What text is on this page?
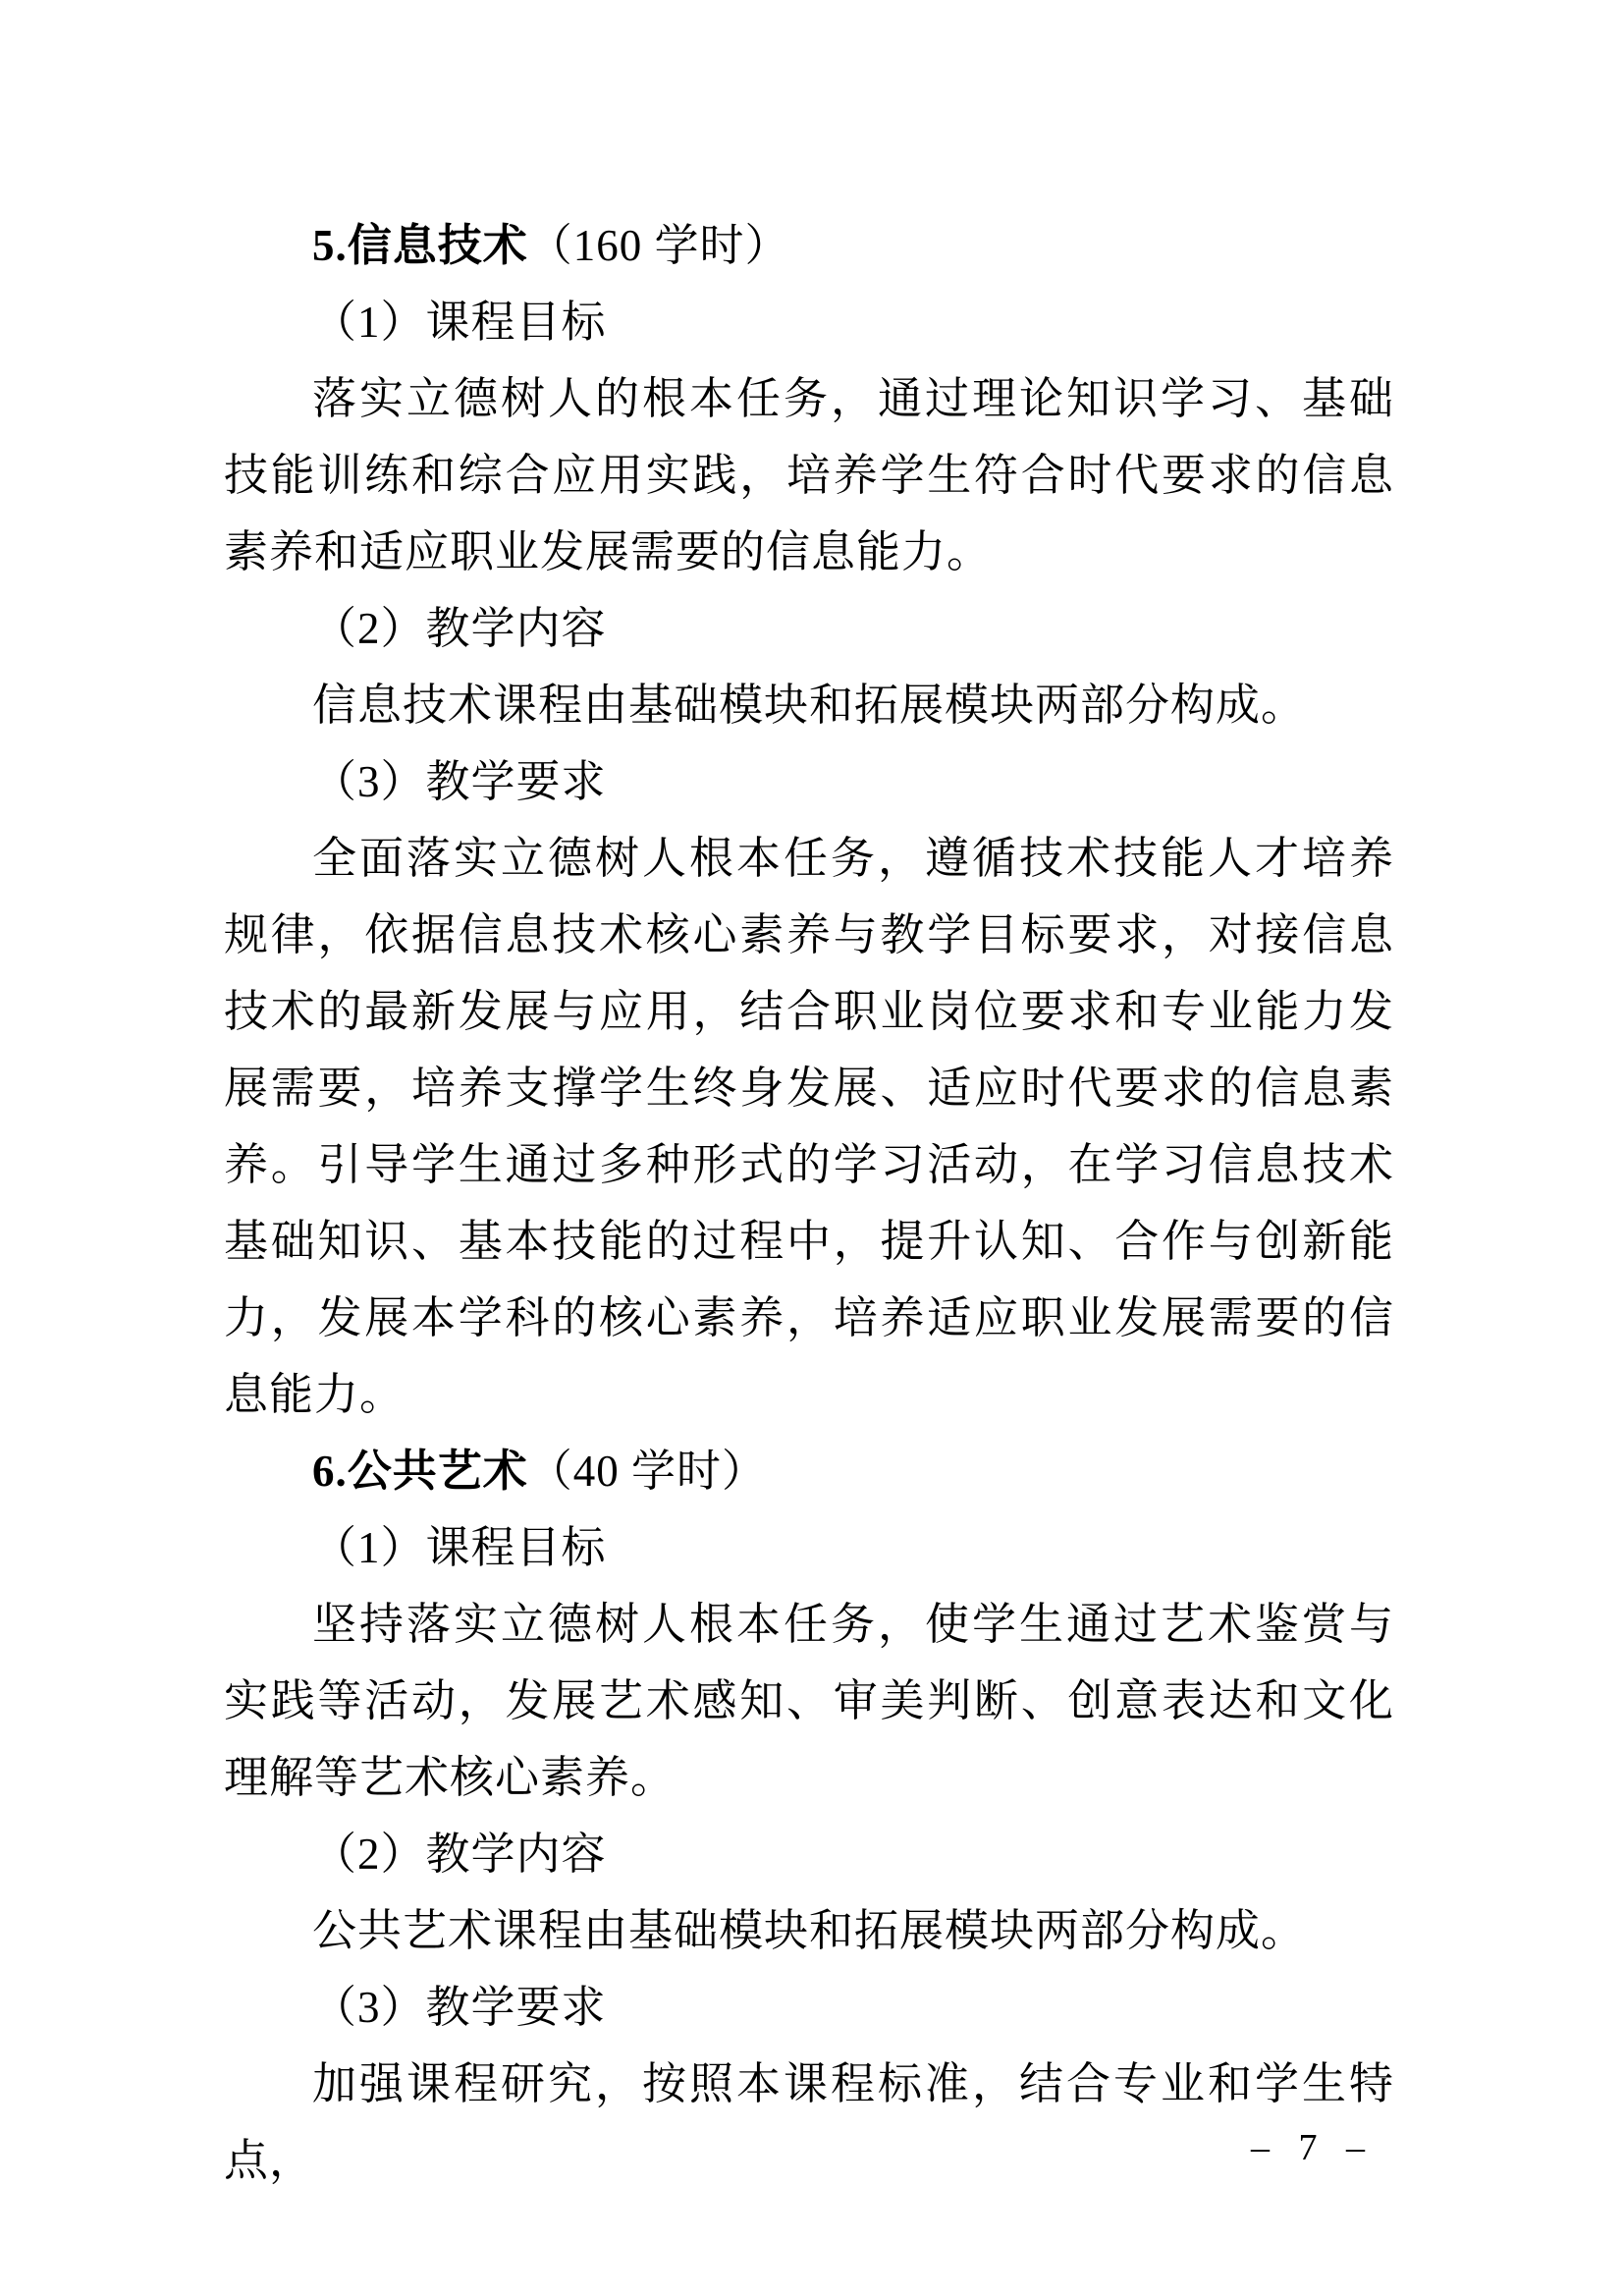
5.信息技术（160 学时）

（1）课程目标

落实立德树人的根本任务，通过理论知识学习、基础技能训练和综合应用实践，培养学生符合时代要求的信息素养和适应职业发展需要的信息能力。

（2）教学内容

信息技术课程由基础模块和拓展模块两部分构成。

（3）教学要求

全面落实立德树人根本任务，遵循技术技能人才培养规律，依据信息技术核心素养与教学目标要求，对接信息技术的最新发展与应用，结合职业岗位要求和专业能力发展需要，培养支撑学生终身发展、适应时代要求的信息素养。引导学生通过多种形式的学习活动，在学习信息技术基础知识、基本技能的过程中，提升认知、合作与创新能力，发展本学科的核心素养，培养适应职业发展需要的信息能力。

6.公共艺术（40 学时）

（1）课程目标

坚持落实立德树人根本任务，使学生通过艺术鉴赏与实践等活动，发展艺术感知、审美判断、创意表达和文化理解等艺术核心素养。

（2）教学内容

公共艺术课程由基础模块和拓展模块两部分构成。

（3）教学要求

加强课程研究，按照本课程标准，结合专业和学生特点，	– 7 –
